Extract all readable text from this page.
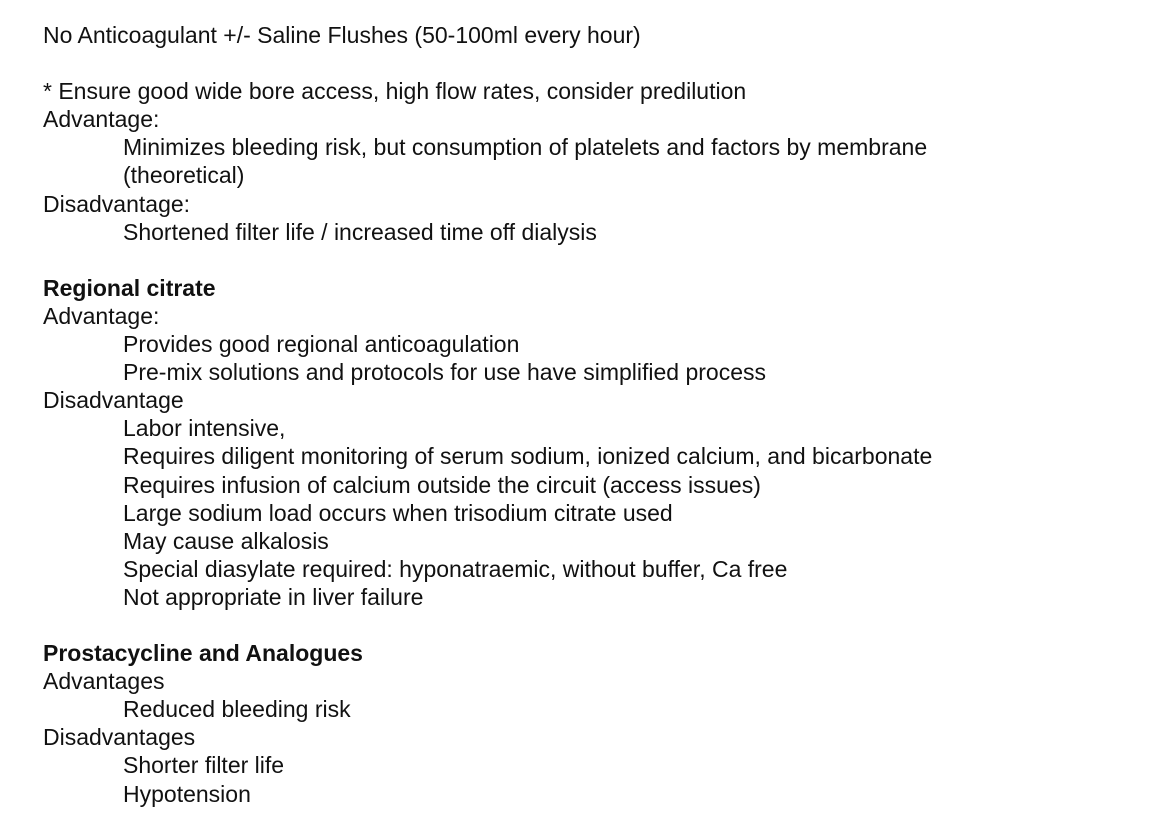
No Anticoagulant +/- Saline Flushes (50-100ml every hour)

* Ensure good wide bore access, high flow rates, consider predilution

Advantage:

Minimizes bleeding risk, but consumption of platelets and factors by membrane

(theoretical)

Disadvantage:

Shortened filter life / increased time off dialysis

Regional citrate

Advantage:

Provides good regional anticoagulation

Pre-mix solutions and protocols for use have simplified process

Disadvantage

Labor intensive,

Requires diligent monitoring of serum sodium, ionized calcium, and bicarbonate

Requires infusion of calcium outside the circuit (access issues)

Large sodium load occurs when trisodium citrate used

May cause alkalosis

Special diasylate required: hyponatraemic, without buffer, Ca free

Not appropriate in liver failure

Prostacycline and Analogues

Advantages

Reduced bleeding risk

Disadvantages

Shorter filter life

Hypotension
